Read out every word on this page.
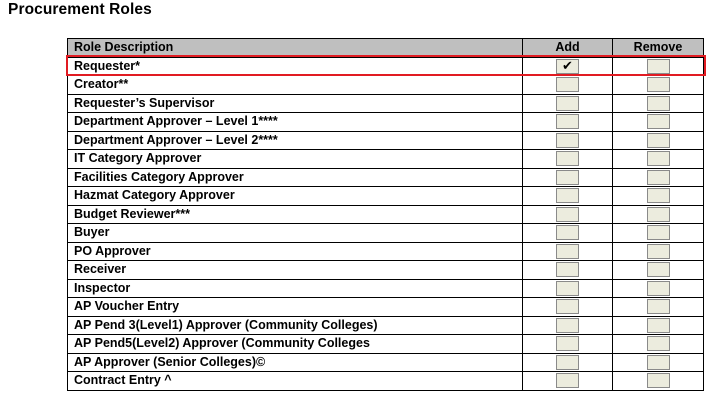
Procurement Roles
Role Description	Add	Remove
Requester*	✔	
Creator**		
Requester’s Supervisor		
Department Approver – Level 1****		
Department Approver – Level 2****		
IT Category Approver		
Facilities Category Approver		
Hazmat Category Approver		
Budget Reviewer***		
Buyer		
PO Approver		
Receiver		
Inspector		
AP Voucher Entry		
AP Pend 3(Level1) Approver (Community Colleges)		
AP Pend5(Level2) Approver (Community Colleges		
AP Approver (Senior Colleges)©		
Contract Entry ^		
